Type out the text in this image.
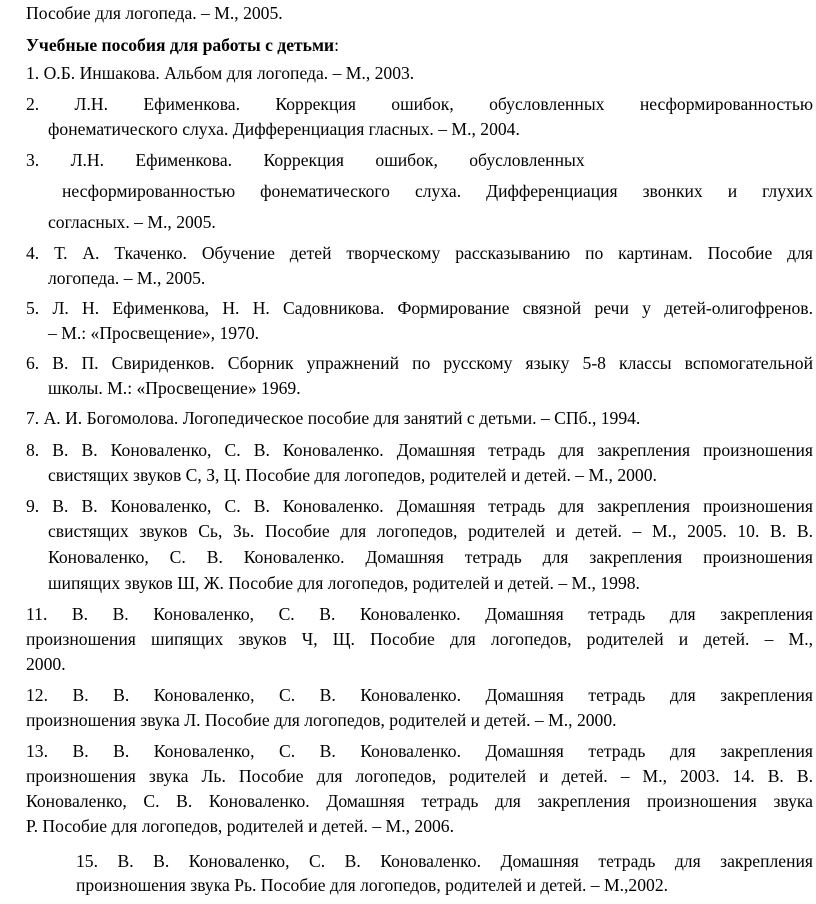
Пособие для логопеда. – М., 2005.
Учебные пособия для работы с детьми:
1. О.Б. Иншакова. Альбом для логопеда. – М., 2003.
2. Л.Н. Ефименкова. Коррекция ошибок, обусловленных несформированностью
фонематического слуха. Дифференциация гласных. – М., 2004.
3. Л.Н. Ефименкова. Коррекция ошибок, обусловленных
несформированностью фонематического слуха. Дифференциация звонких и глухих
согласных. – М., 2005.
4. Т. А. Ткаченко. Обучение детей творческому рассказыванию по картинам. Пособие для
логопеда. – М., 2005.
5. Л. Н. Ефименкова, Н. Н. Садовникова. Формирование связной речи у детей-олигофренов.
– М.: «Просвещение», 1970.
6. В. П. Свириденков. Сборник упражнений по русскому языку 5-8 классы вспомогательной
школы. М.: «Просвещение» 1969.
7. А. И. Богомолова. Логопедическое пособие для занятий с детьми. – СПб., 1994.
8. В. В. Коноваленко, С. В. Коноваленко. Домашняя тетрадь для закрепления произношения
свистящих звуков С, З, Ц. Пособие для логопедов, родителей и детей. – М., 2000.
9. В. В. Коноваленко, С. В. Коноваленко. Домашняя тетрадь для закрепления произношения
свистящих звуков Сь, Зь. Пособие для логопедов, родителей и детей. – М., 2005. 10. В. В.
Коноваленко, С. В. Коноваленко. Домашняя тетрадь для закрепления произношения
шипящих звуков Ш, Ж. Пособие для логопедов, родителей и детей. – М., 1998.
11. В. В. Коноваленко, С. В. Коноваленко. Домашняя тетрадь для закрепления
произношения шипящих звуков Ч, Щ. Пособие для логопедов, родителей и детей. – М.,
2000.
12. В. В. Коноваленко, С. В. Коноваленко. Домашняя тетрадь для закрепления
произношения звука Л. Пособие для логопедов, родителей и детей. – М., 2000.
13. В. В. Коноваленко, С. В. Коноваленко. Домашняя тетрадь для закрепления
произношения звука Ль. Пособие для логопедов, родителей и детей. – М., 2003. 14. В. В.
Коноваленко, С. В. Коноваленко. Домашняя тетрадь для закрепления произношения звука
Р. Пособие для логопедов, родителей и детей. – М., 2006.
15. В. В. Коноваленко, С. В. Коноваленко. Домашняя тетрадь для закрепления
произношения звука Рь. Пособие для логопедов, родителей и детей. – М.,2002.
